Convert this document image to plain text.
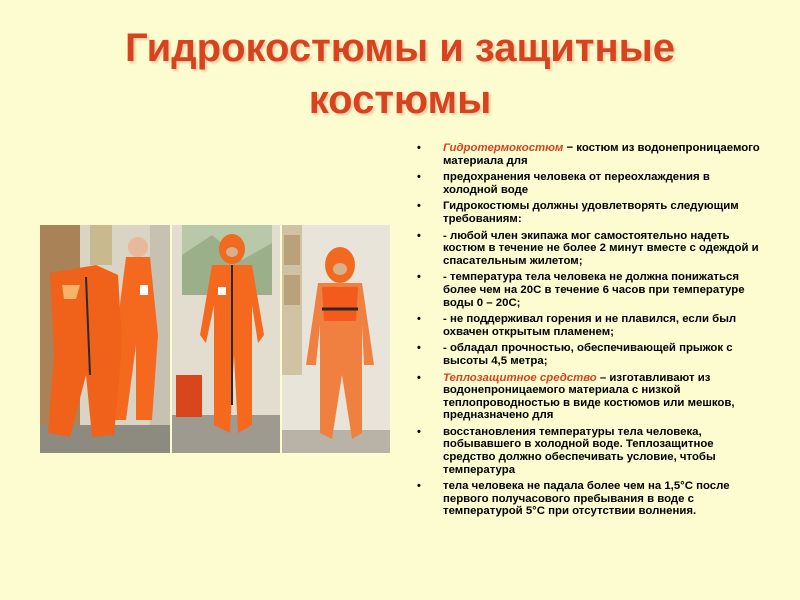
Гидрокостюмы и защитные
костюмы
• Гидротермокостюм − костюм из водонепроницаемого материала для
• предохранения человека от переохлаждения в холодной воде
• Гидрокостюмы должны удовлетворять следующим требованиям:
• - любой член экипажа мог самостоятельно надеть костюм в течение не более 2 минут вместе с одеждой и спасательным жилетом;
• - температура тела человека не должна понижаться более чем на 20С в течение 6 часов при температуре воды 0 – 20С;
• - не поддерживал горения и не плавился, если был охвачен открытым пламенем;
• - обладал прочностью, обеспечивающей прыжок с высоты 4,5 метра;
• Теплозащитное средство – изготавливают из водонепроницаемого материала с низкой теплопроводностью в виде костюмов или мешков, предназначено для
• восстановления температуры тела человека, побывавшего в холодной воде. Теплозащитное средство должно обеспечивать условие, чтобы температура
• тела человека не падала более чем на 1,5°С после первого получасового пребывания в воде с температурой 5°С при отсутствии волнения.
